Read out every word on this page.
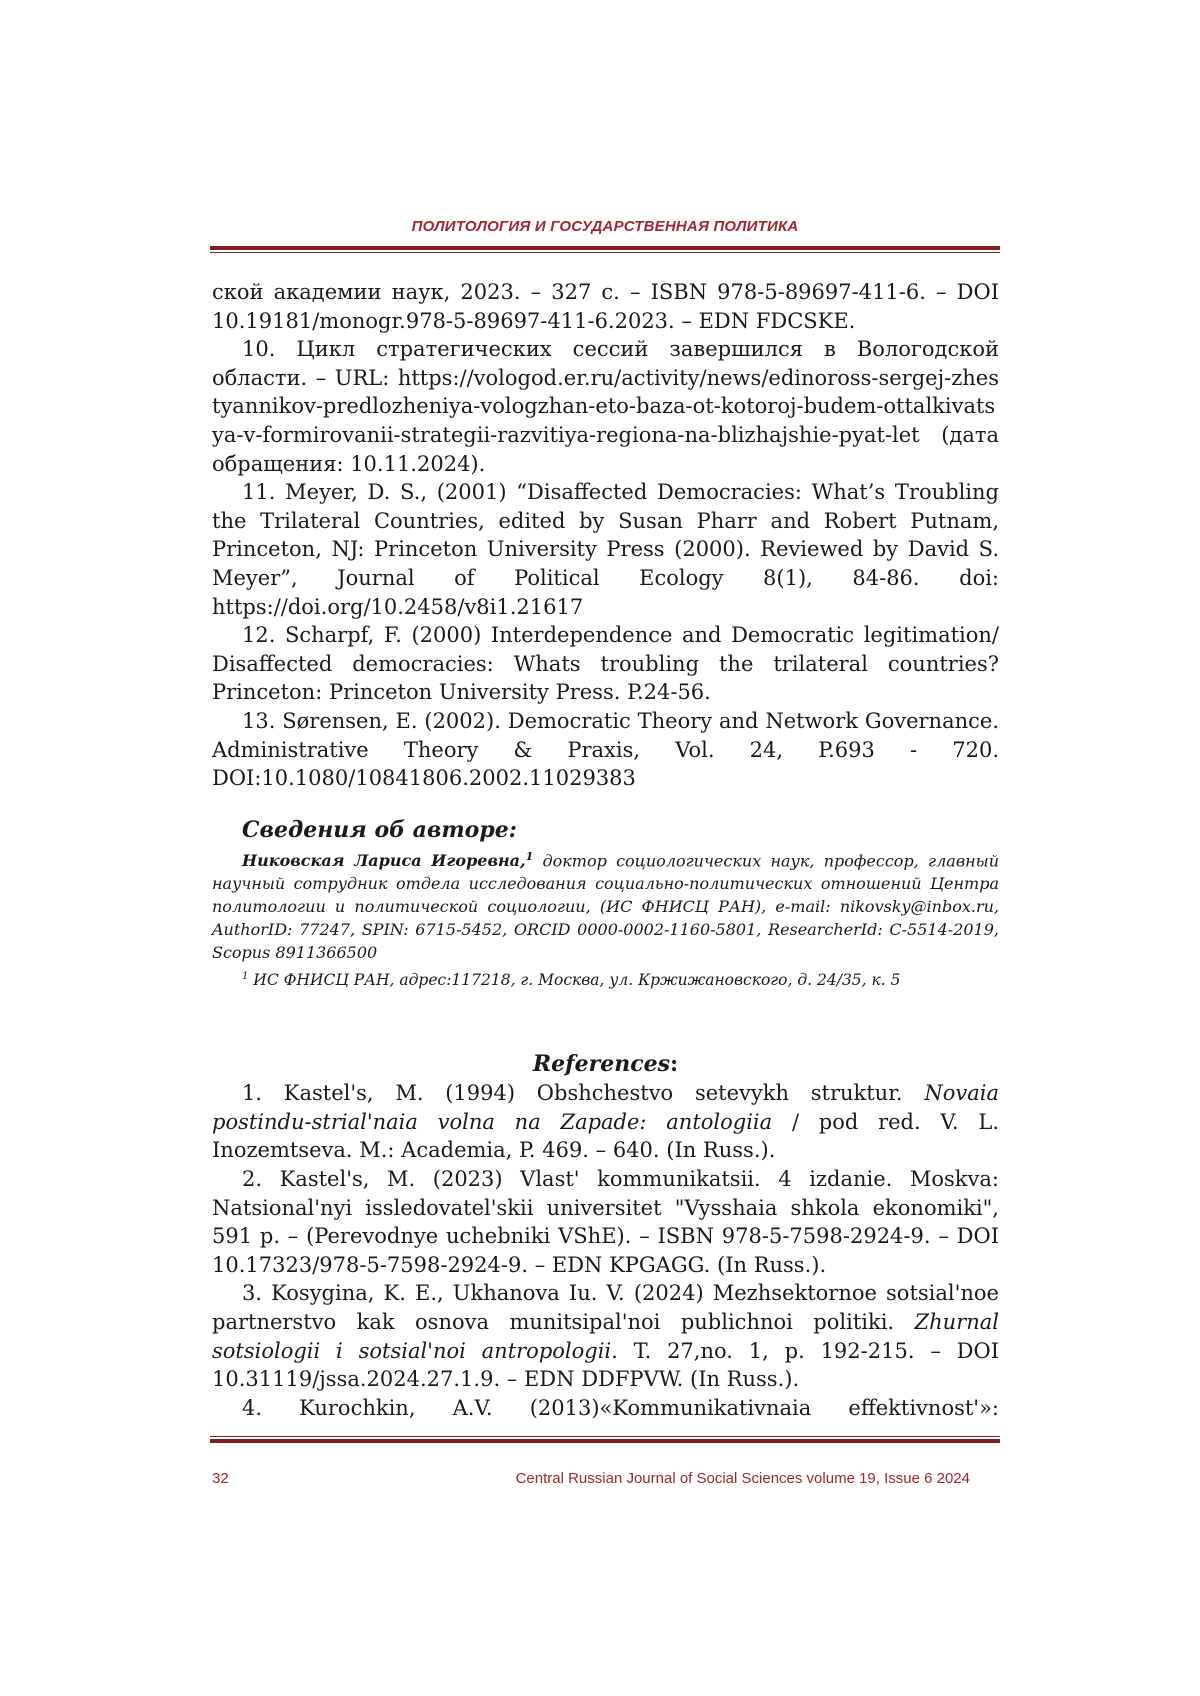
ПОЛИТОЛОГИЯ И ГОСУДАРСТВЕННАЯ ПОЛИТИКА

ской академии наук, 2023. – 327 с. – ISBN 978-5-89697-411-6. – DOI 10.19181/monogr.978-5-89697-411-6.2023. – EDN FDCSKE.

10. Цикл стратегических сессий завершился в Вологодской области. – URL: https://vologod.er.ru/activity/news/edinoross-sergej-zhestyannikov-predlozheniya-vologzhan-eto-baza-ot-kotoroj-budem-ottalkivatsya-v-formirovanii-strategii-razvitiya-regiona-na-blizhajshie-pyat-let (дата обращения: 10.11.2024).

11. Meyer, D. S., (2001) “Disaffected Democracies: What’s Troubling the Trilateral Countries, edited by Susan Pharr and Robert Putnam, Princeton, NJ: Princeton University Press (2000). Reviewed by David S. Meyer”, Journal of Political Ecology 8(1), 84-86. doi: https://doi.org/10.2458/v8i1.21617

12. Scharpf, F. (2000) Interdependence and Democratic legitimation/ Disaffected democracies: Whats troubling the trilateral countries? Princeton: Princeton University Press. P.24-56.

13. Sørensen, E. (2002). Democratic Theory and Network Governance. Administrative Theory & Praxis, Vol. 24, P.693 - 720. DOI:10.1080/10841806.2002.11029383

Сведения об авторе:
Никовская Лариса Игоревна,$^1$ доктор социологических наук, профессор, главный научный сотрудник отдела исследования социально-политических отношений Центра политологии и политической социологии, (ИС ФНИСЦ РАН), e-mail: nikovsky@inbox.ru, AuthorID: 77247, SPIN: 6715-5452, ORCID 0000-0002-1160-5801, ResearcherId: С-5514-2019, Scopus 8911366500
$^1$ ИС ФНИСЦ РАН, адрес:117218, г. Москва, ул. Кржижановского, д. 24/35, к. 5
References:

1. Kastel's, M. (1994) Obshchestvo setevykh struktur. Novaia postindu-strial'naia volna na Zapade: antologiia / pod red. V. L. Inozemtseva. M.: Academia, P. 469. – 640. (In Russ.).

2. Kastel's, M. (2023) Vlast' kommunikatsii. 4 izdanie. Moskva: Natsional'nyi issledovatel'skii universitet "Vysshaia shkola ekonomiki", 591 p. – (Perevodnye uchebniki VShE). – ISBN 978-5-7598-2924-9. – DOI 10.17323/978-5-7598-2924-9. – EDN KPGAGG. (In Russ.).

3. Kosygina, K. E., Ukhanova Iu. V. (2024) Mezhsektornoe sotsial'noe partnerstvo kak osnova munitsipal'noi publichnoi politiki. Zhurnal sotsiologii i sotsial'noi antropologii. T. 27,no. 1, p. 192-215. – DOI 10.31119/jssa.2024.27.1.9. – EDN DDFPVW. (In Russ.).

4. Kurochkin, A.V. (2013)«Kommunikativnaia effektivnost'»:

32	Central Russian Journal of Social Sciences volume 19, Issue 6 2024
